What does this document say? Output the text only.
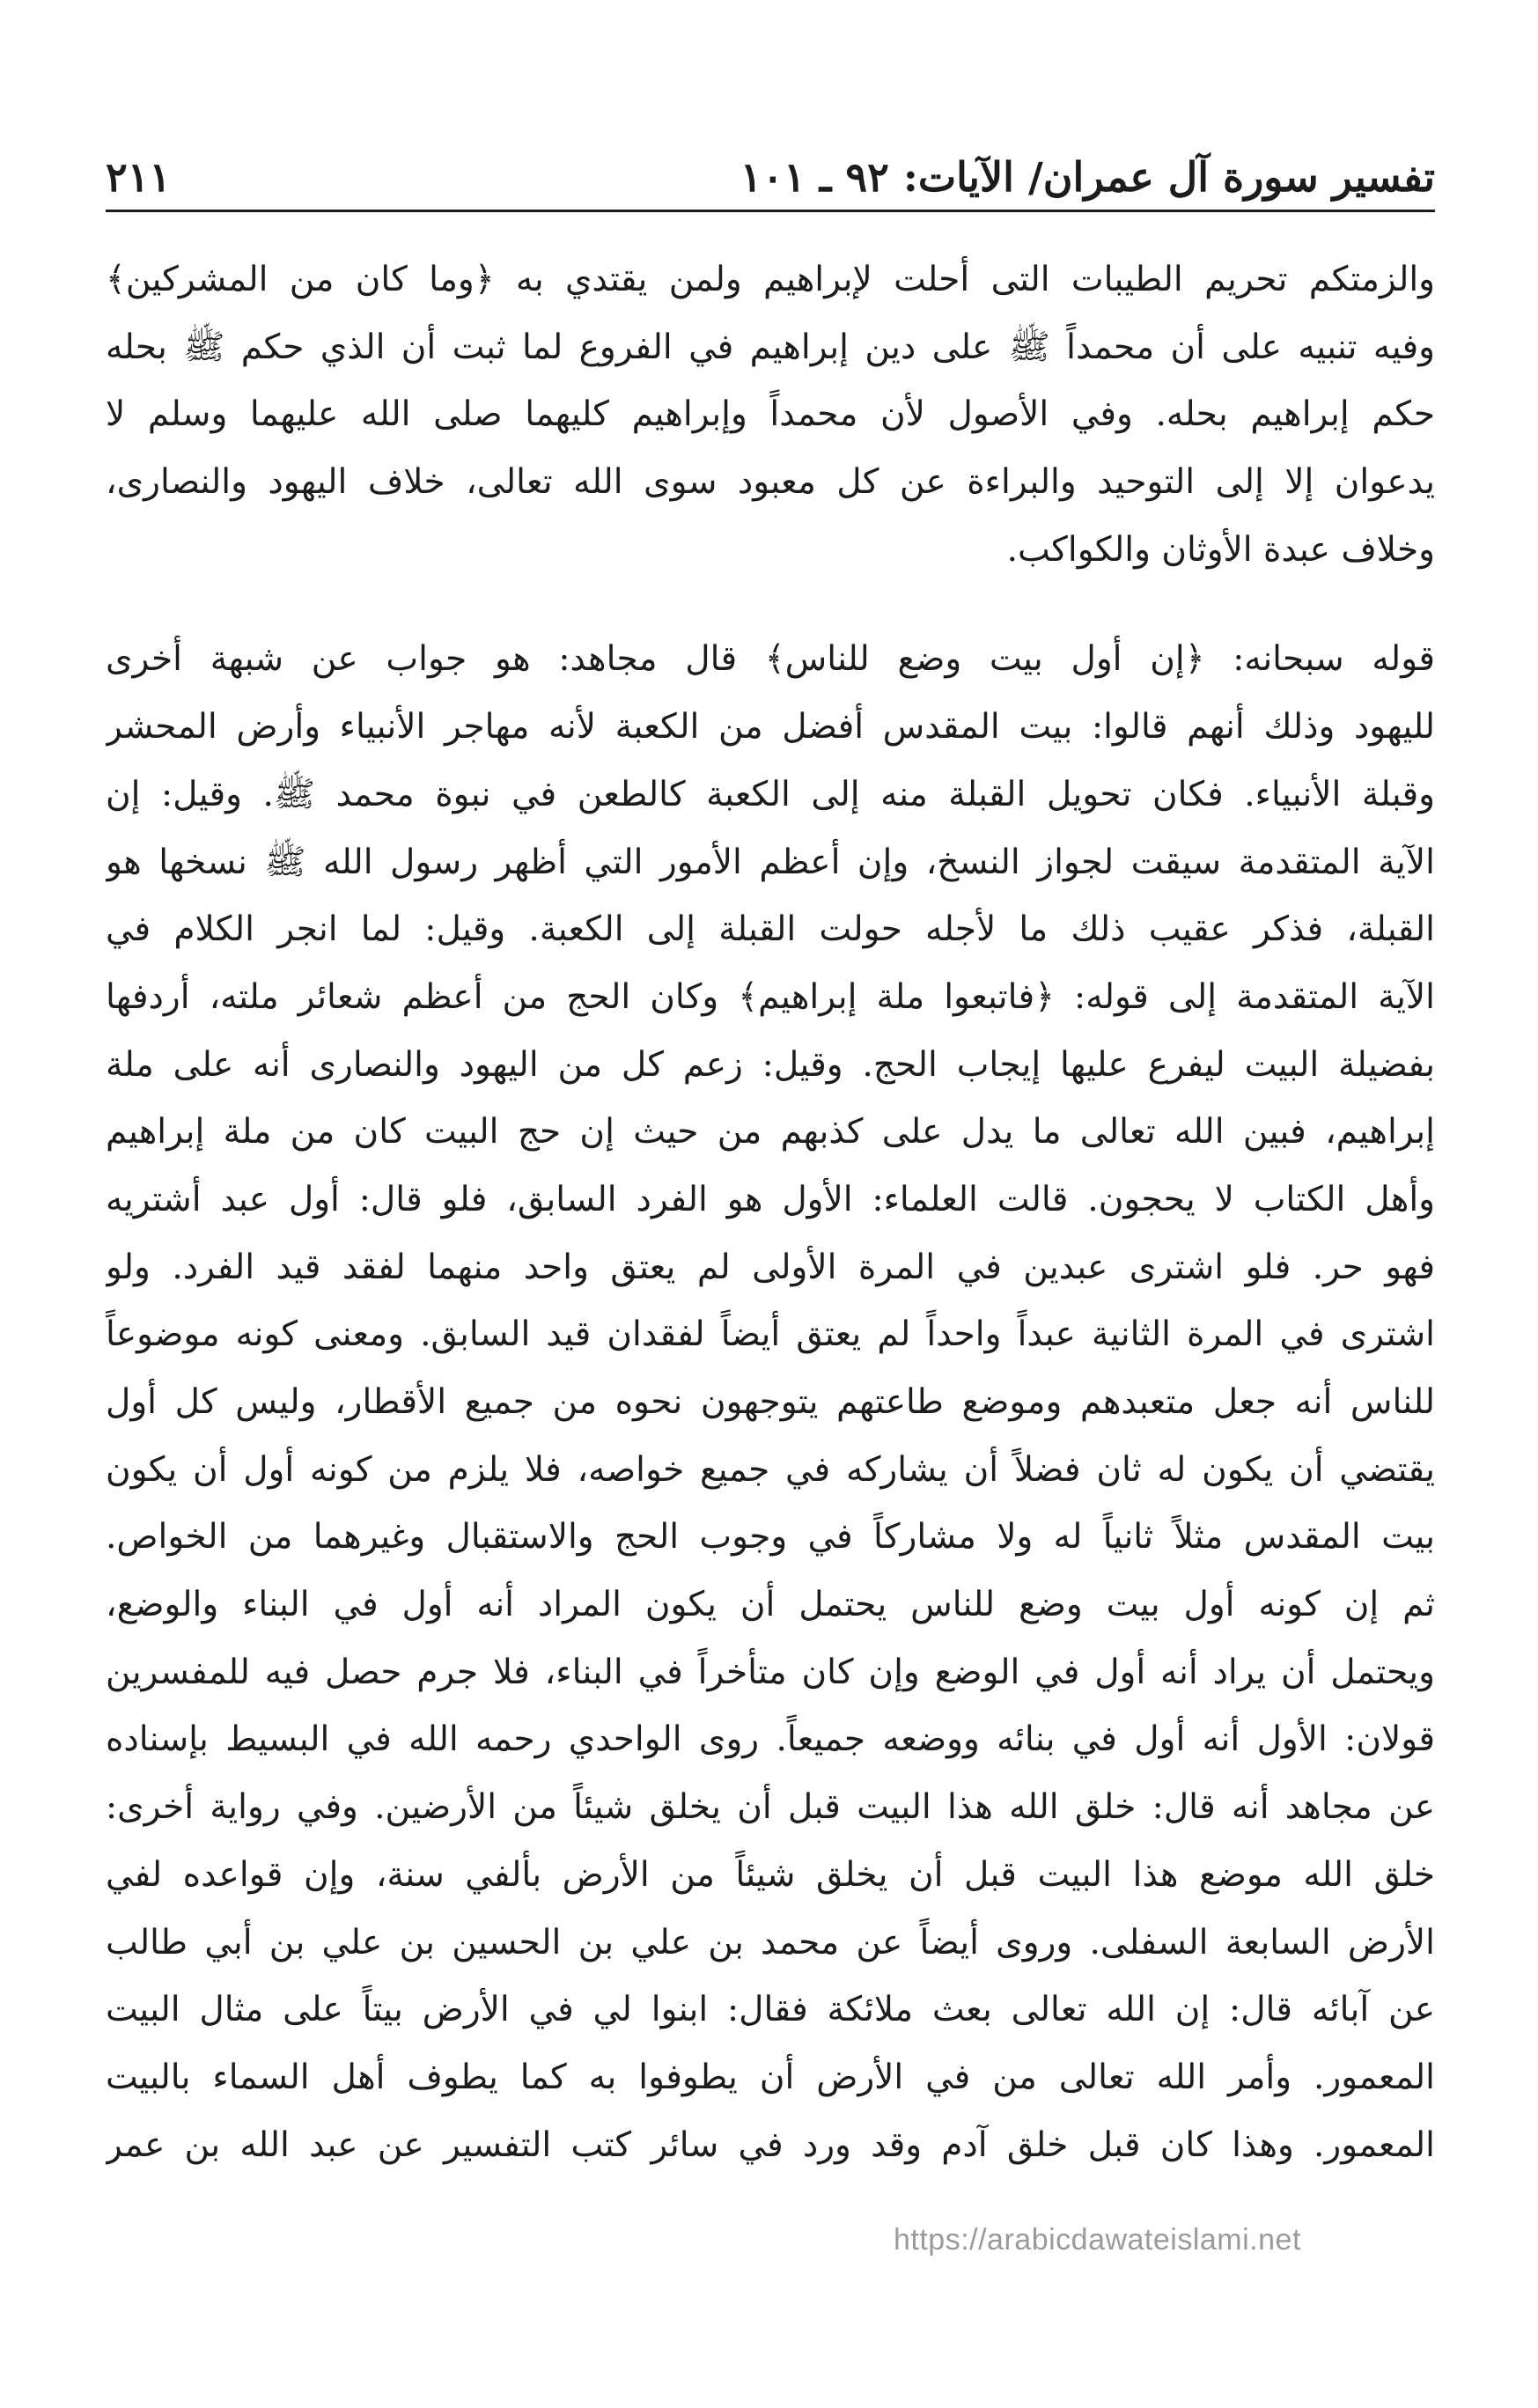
تفسير سورة آل عمران/ الآيات: ٩٢ ـ ١٠١
٢١١
والزمتكم تحريم الطيبات التى أحلت لإبراهيم ولمن يقتدي به ﴿وما كان من المشركين﴾
وفيه تنبيه على أن محمداً ﷺ على دين إبراهيم في الفروع لما ثبت أن الذي حكم ﷺ بحله
حكم إبراهيم بحله. وفي الأصول لأن محمداً وإبراهيم كليهما صلى الله عليهما وسلم لا
يدعوان إلا إلى التوحيد والبراءة عن كل معبود سوى الله تعالى، خلاف اليهود والنصارى،
وخلاف عبدة الأوثان والكواكب.
قوله سبحانه: ﴿إن أول بيت وضع للناس﴾ قال مجاهد: هو جواب عن شبهة أخرى
لليهود وذلك أنهم قالوا: بيت المقدس أفضل من الكعبة لأنه مهاجر الأنبياء وأرض المحشر
وقبلة الأنبياء. فكان تحويل القبلة منه إلى الكعبة كالطعن في نبوة محمد ﷺ. وقيل: إن
الآية المتقدمة سيقت لجواز النسخ، وإن أعظم الأمور التي أظهر رسول الله ﷺ نسخها هو
القبلة، فذكر عقيب ذلك ما لأجله حولت القبلة إلى الكعبة. وقيل: لما انجر الكلام في
الآية المتقدمة إلى قوله: ﴿فاتبعوا ملة إبراهيم﴾ وكان الحج من أعظم شعائر ملته، أردفها
بفضيلة البيت ليفرع عليها إيجاب الحج. وقيل: زعم كل من اليهود والنصارى أنه على ملة
إبراهيم، فبين الله تعالى ما يدل على كذبهم من حيث إن حج البيت كان من ملة إبراهيم
وأهل الكتاب لا يحجون. قالت العلماء: الأول هو الفرد السابق، فلو قال: أول عبد أشتريه
فهو حر. فلو اشترى عبدين في المرة الأولى لم يعتق واحد منهما لفقد قيد الفرد. ولو
اشترى في المرة الثانية عبداً واحداً لم يعتق أيضاً لفقدان قيد السابق. ومعنى كونه موضوعاً
للناس أنه جعل متعبدهم وموضع طاعتهم يتوجهون نحوه من جميع الأقطار، وليس كل أول
يقتضي أن يكون له ثان فضلاً أن يشاركه في جميع خواصه، فلا يلزم من كونه أول أن يكون
بيت المقدس مثلاً ثانياً له ولا مشاركاً في وجوب الحج والاستقبال وغيرهما من الخواص.
ثم إن كونه أول بيت وضع للناس يحتمل أن يكون المراد أنه أول في البناء والوضع،
ويحتمل أن يراد أنه أول في الوضع وإن كان متأخراً في البناء، فلا جرم حصل فيه للمفسرين
قولان: الأول أنه أول في بنائه ووضعه جميعاً. روى الواحدي رحمه الله في البسيط بإسناده
عن مجاهد أنه قال: خلق الله هذا البيت قبل أن يخلق شيئاً من الأرضين. وفي رواية أخرى:
خلق الله موضع هذا البيت قبل أن يخلق شيئاً من الأرض بألفي سنة، وإن قواعده لفي
الأرض السابعة السفلى. وروى أيضاً عن محمد بن علي بن الحسين بن علي بن أبي طالب
عن آبائه قال: إن الله تعالى بعث ملائكة فقال: ابنوا لي في الأرض بيتاً على مثال البيت
المعمور. وأمر الله تعالى من في الأرض أن يطوفوا به كما يطوف أهل السماء بالبيت
المعمور. وهذا كان قبل خلق آدم وقد ورد في سائر كتب التفسير عن عبد الله بن عمر
https://arabicdawateislami.net
